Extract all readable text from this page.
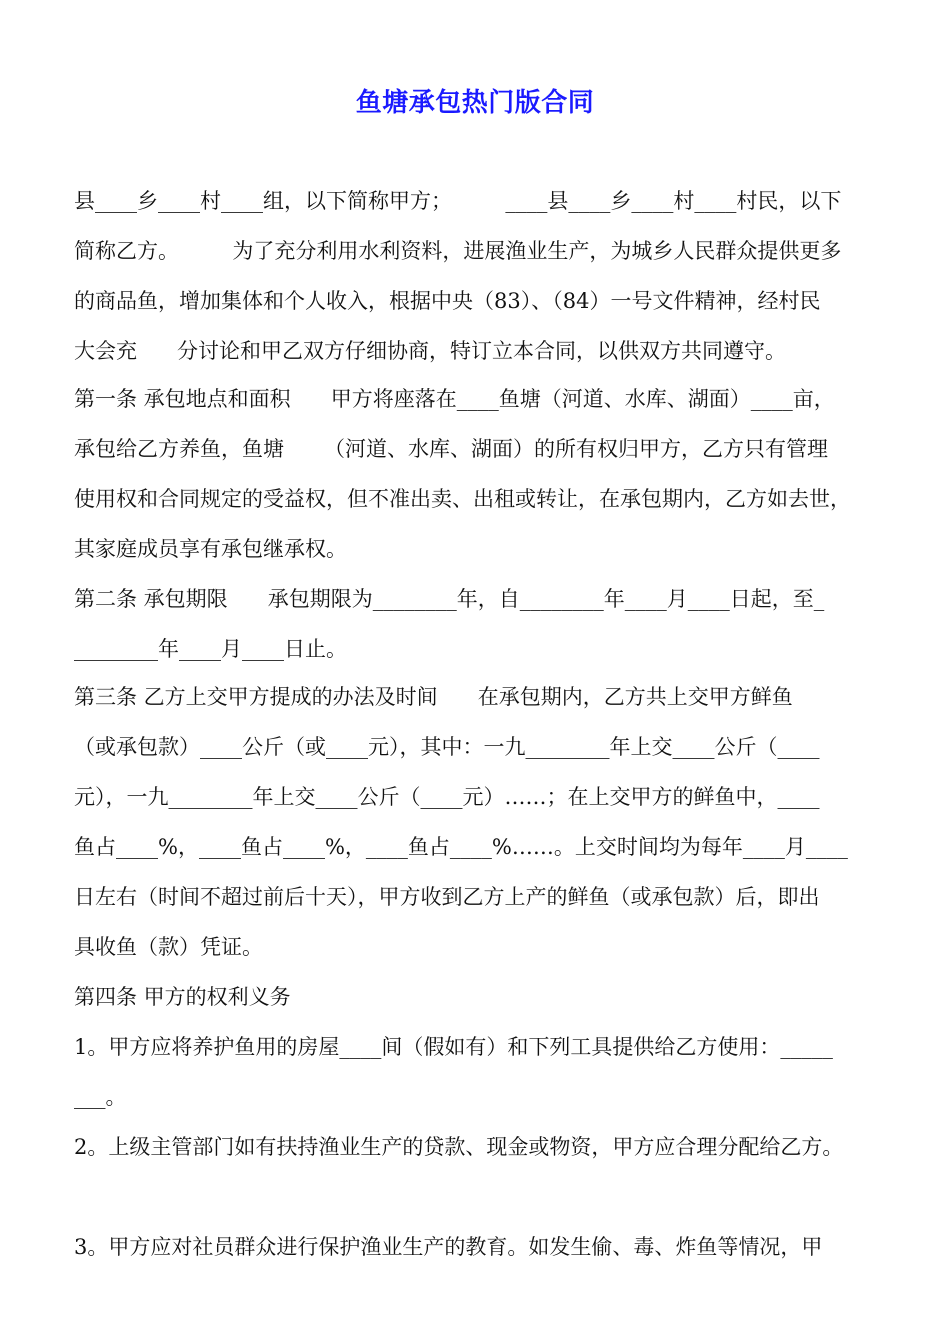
鱼塘承包热门版合同
县____乡____村____组，以下简称甲方；        ____县____乡____村____村民，以下
简称乙方。        为了充分利用水利资料，进展渔业生产，为城乡人民群众提供更多
的商品鱼，增加集体和个人收入，根据中央（83）、（84）一号文件精神，经村民
大会充      分讨论和甲乙双方仔细协商，特订立本合同，以供双方共同遵守。
第一条 承包地点和面积      甲方将座落在____鱼塘（河道、水库、湖面）____亩，
承包给乙方养鱼，鱼塘      （河道、水库、湖面）的所有权归甲方，乙方只有管理
使用权和合同规定的受益权，但不准出卖、出租或转让，在承包期内，乙方如去世，
其家庭成员享有承包继承权。
第二条 承包期限      承包期限为________年，自________年____月____日起，至_
________年____月____日止。
第三条 乙方上交甲方提成的办法及时间      在承包期内，乙方共上交甲方鲜鱼
（或承包款）____公斤（或____元），其中：一九________年上交____公斤（____
元），一九________年上交____公斤（____元）……；在上交甲方的鲜鱼中，____
鱼占____%，____鱼占____%，____鱼占____%……。上交时间均为每年____月____
日左右（时间不超过前后十天），甲方收到乙方上产的鲜鱼（或承包款）后，即出
具收鱼（款）凭证。
第四条 甲方的权利义务
1。甲方应将养护鱼用的房屋____间（假如有）和下列工具提供给乙方使用：_____
___。
2。上级主管部门如有扶持渔业生产的贷款、现金或物资，甲方应合理分配给乙方。
3。甲方应对社员群众进行保护渔业生产的教育。如发生偷、毒、炸鱼等情况，甲
